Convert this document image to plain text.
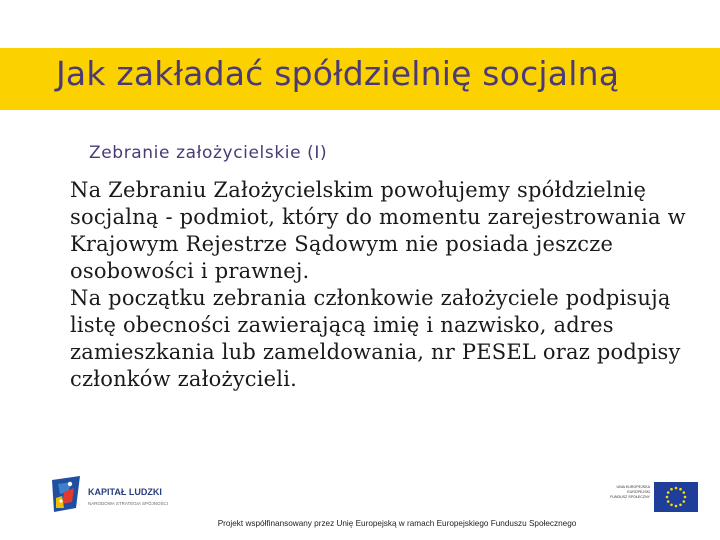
Jak zakładać spółdzielnię socjalną
Zebranie założycielskie (I)

Na Zebraniu Założycielskim powołujemy spółdzielnię socjalną - podmiot, który do momentu zarejestrowania w Krajowym Rejestrze Sądowym nie posiada jeszcze osobowości i prawnej.

Na początku zebrania członkowie założyciele podpisują listę obecności zawierającą imię i nazwisko, adres zamieszkania lub zameldowania, nr PESEL oraz podpisy członków założycieli.

KAPITAŁ LUDZKI
NARODOWA STRATEGIA SPÓJNOŚCI
UNIA EUROPEJSKA
EUROPEJSKI
FUNDUSZ SPOŁECZNY
Projekt współfinansowany przez Unię Europejską w ramach Europejskiego Funduszu Społecznego
